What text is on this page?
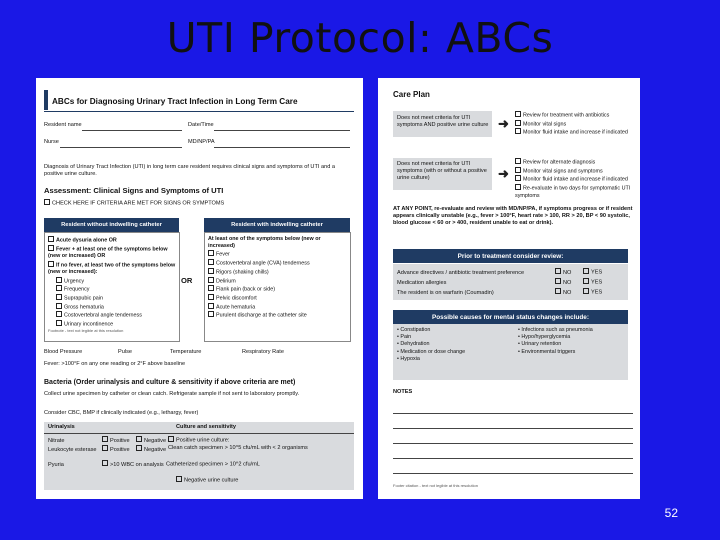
UTI Protocol: ABCs
ABCs for Diagnosing Urinary Tract Infection in Long Term Care
Resident name	Date/Time
Nurse	MD/NP/PA
Diagnosis of Urinary Tract Infection (UTI) in long term care resident requires clinical signs and symptoms of UTI and a positive urine culture.
Assessment: Clinical Signs and Symptoms of UTI
CHECK HERE IF CRITERIA ARE MET FOR SIGNS OR SYMPTOMS
Resident without indwelling catheter	Resident with indwelling catheter
OR
Acute dysuria alone OR
Fever + at least one of the symptoms below (new or increased) OR
If no fever, at least two of the symptoms below (new or increased):
Urgency
Frequency
Suprapubic pain
Gross hematuria
Costovertebral angle tenderness
Urinary incontinence
Footnote - text not legible at this resolution
At least one of the symptoms below (new or increased)
Fever
Costovertebral angle (CVA) tenderness
Rigors (shaking chills)
Delirium
Flank pain (back or side)
Pelvic discomfort
Acute hematuria
Purulent discharge at the catheter site
Blood Pressure	Pulse	Temperature	Respiratory Rate
Fever: >100°F on any one reading or 2°F above baseline
Bacteria (Order urinalysis and culture & sensitivity if above criteria are met)
Collect urine specimen by catheter or clean catch. Refrigerate sample if not sent to laboratory promptly.
Consider CBC, BMP if clinically indicated (e.g., lethargy, fever)
Urinalysis	Culture and sensitivity
Nitrate	Positive	Negative Positive urine culture:
Leukocyte esterase Positive	Negative Clean catch specimen > 10^5 cfu/mL with < 2 organisms
Pyuria	>10 WBC on analysis Catheterized specimen > 10^2 cfu/mL
Negative urine culture
Care Plan
Does not meet criteria for UTI symptoms AND positive urine culture ➜
Review for treatment with antibiotics
Monitor vital signs
Monitor fluid intake and increase if indicated
Does not meet criteria for UTI symptoms (with or without a positive urine culture)	➜
Review for alternate diagnosis
Monitor vital signs and symptoms
Monitor fluid intake and increase if indicated
Re-evaluate in two days for symptomatic UTI symptoms
AT ANY POINT, re-evaluate and review with MD/NP/PA, if symptoms progress or if resident appears clinically unstable (e.g., fever > 100°F, heart rate > 100, RR > 20, BP < 90 systolic, blood glucose < 60 or > 400, resident unable to eat or drink).
Prior to treatment consider review:
Advance directives / antibiotic treatment preference	NO	YES
Medication allergies	NO	YES
The resident is on warfarin (Coumadin)	NO	YES
Possible causes for mental status changes include:
• Constipation
• Pain
• Dehydration
• Medication or dose change
• Hypoxia
• Infections such as pneumonia
• Hypo/hyperglycemia
• Urinary retention
• Environmental triggers
NOTES
Footer citation - text not legible at this resolution
52
